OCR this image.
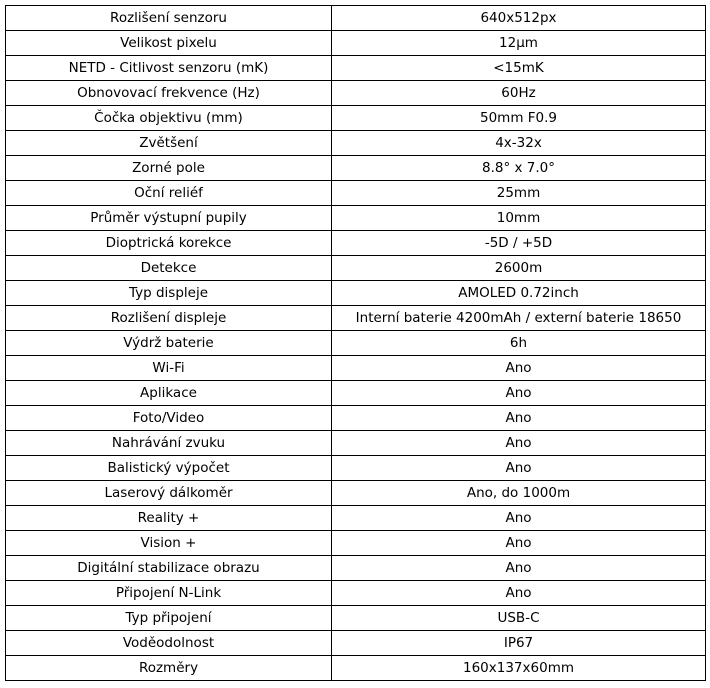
Rozlišení senzoru	640x512px
Velikost pixelu	12µm
NETD - Citlivost senzoru (mK)	<15mK
Obnovovací frekvence (Hz)	60Hz
Čočka objektivu (mm)	50mm F0.9
Zvětšení	4x-32x
Zorné pole	8.8° x 7.0°
Oční reliéf	25mm
Průměr výstupní pupily	10mm
Dioptrická korekce	-5D / +5D
Detekce	2600m
Typ displeje	AMOLED 0.72inch
Rozlišení displeje	Interní baterie 4200mAh / externí baterie 18650
Výdrž baterie	6h
Wi-Fi	Ano
Aplikace	Ano
Foto/Video	Ano
Nahrávání zvuku	Ano
Balistický výpočet	Ano
Laserový dálkoměr	Ano, do 1000m
Reality +	Ano
Vision +	Ano
Digitální stabilizace obrazu	Ano
Připojení N-Link	Ano
Typ připojení	USB-C
Voděodolnost	IP67
Rozměry	160x137x60mm
